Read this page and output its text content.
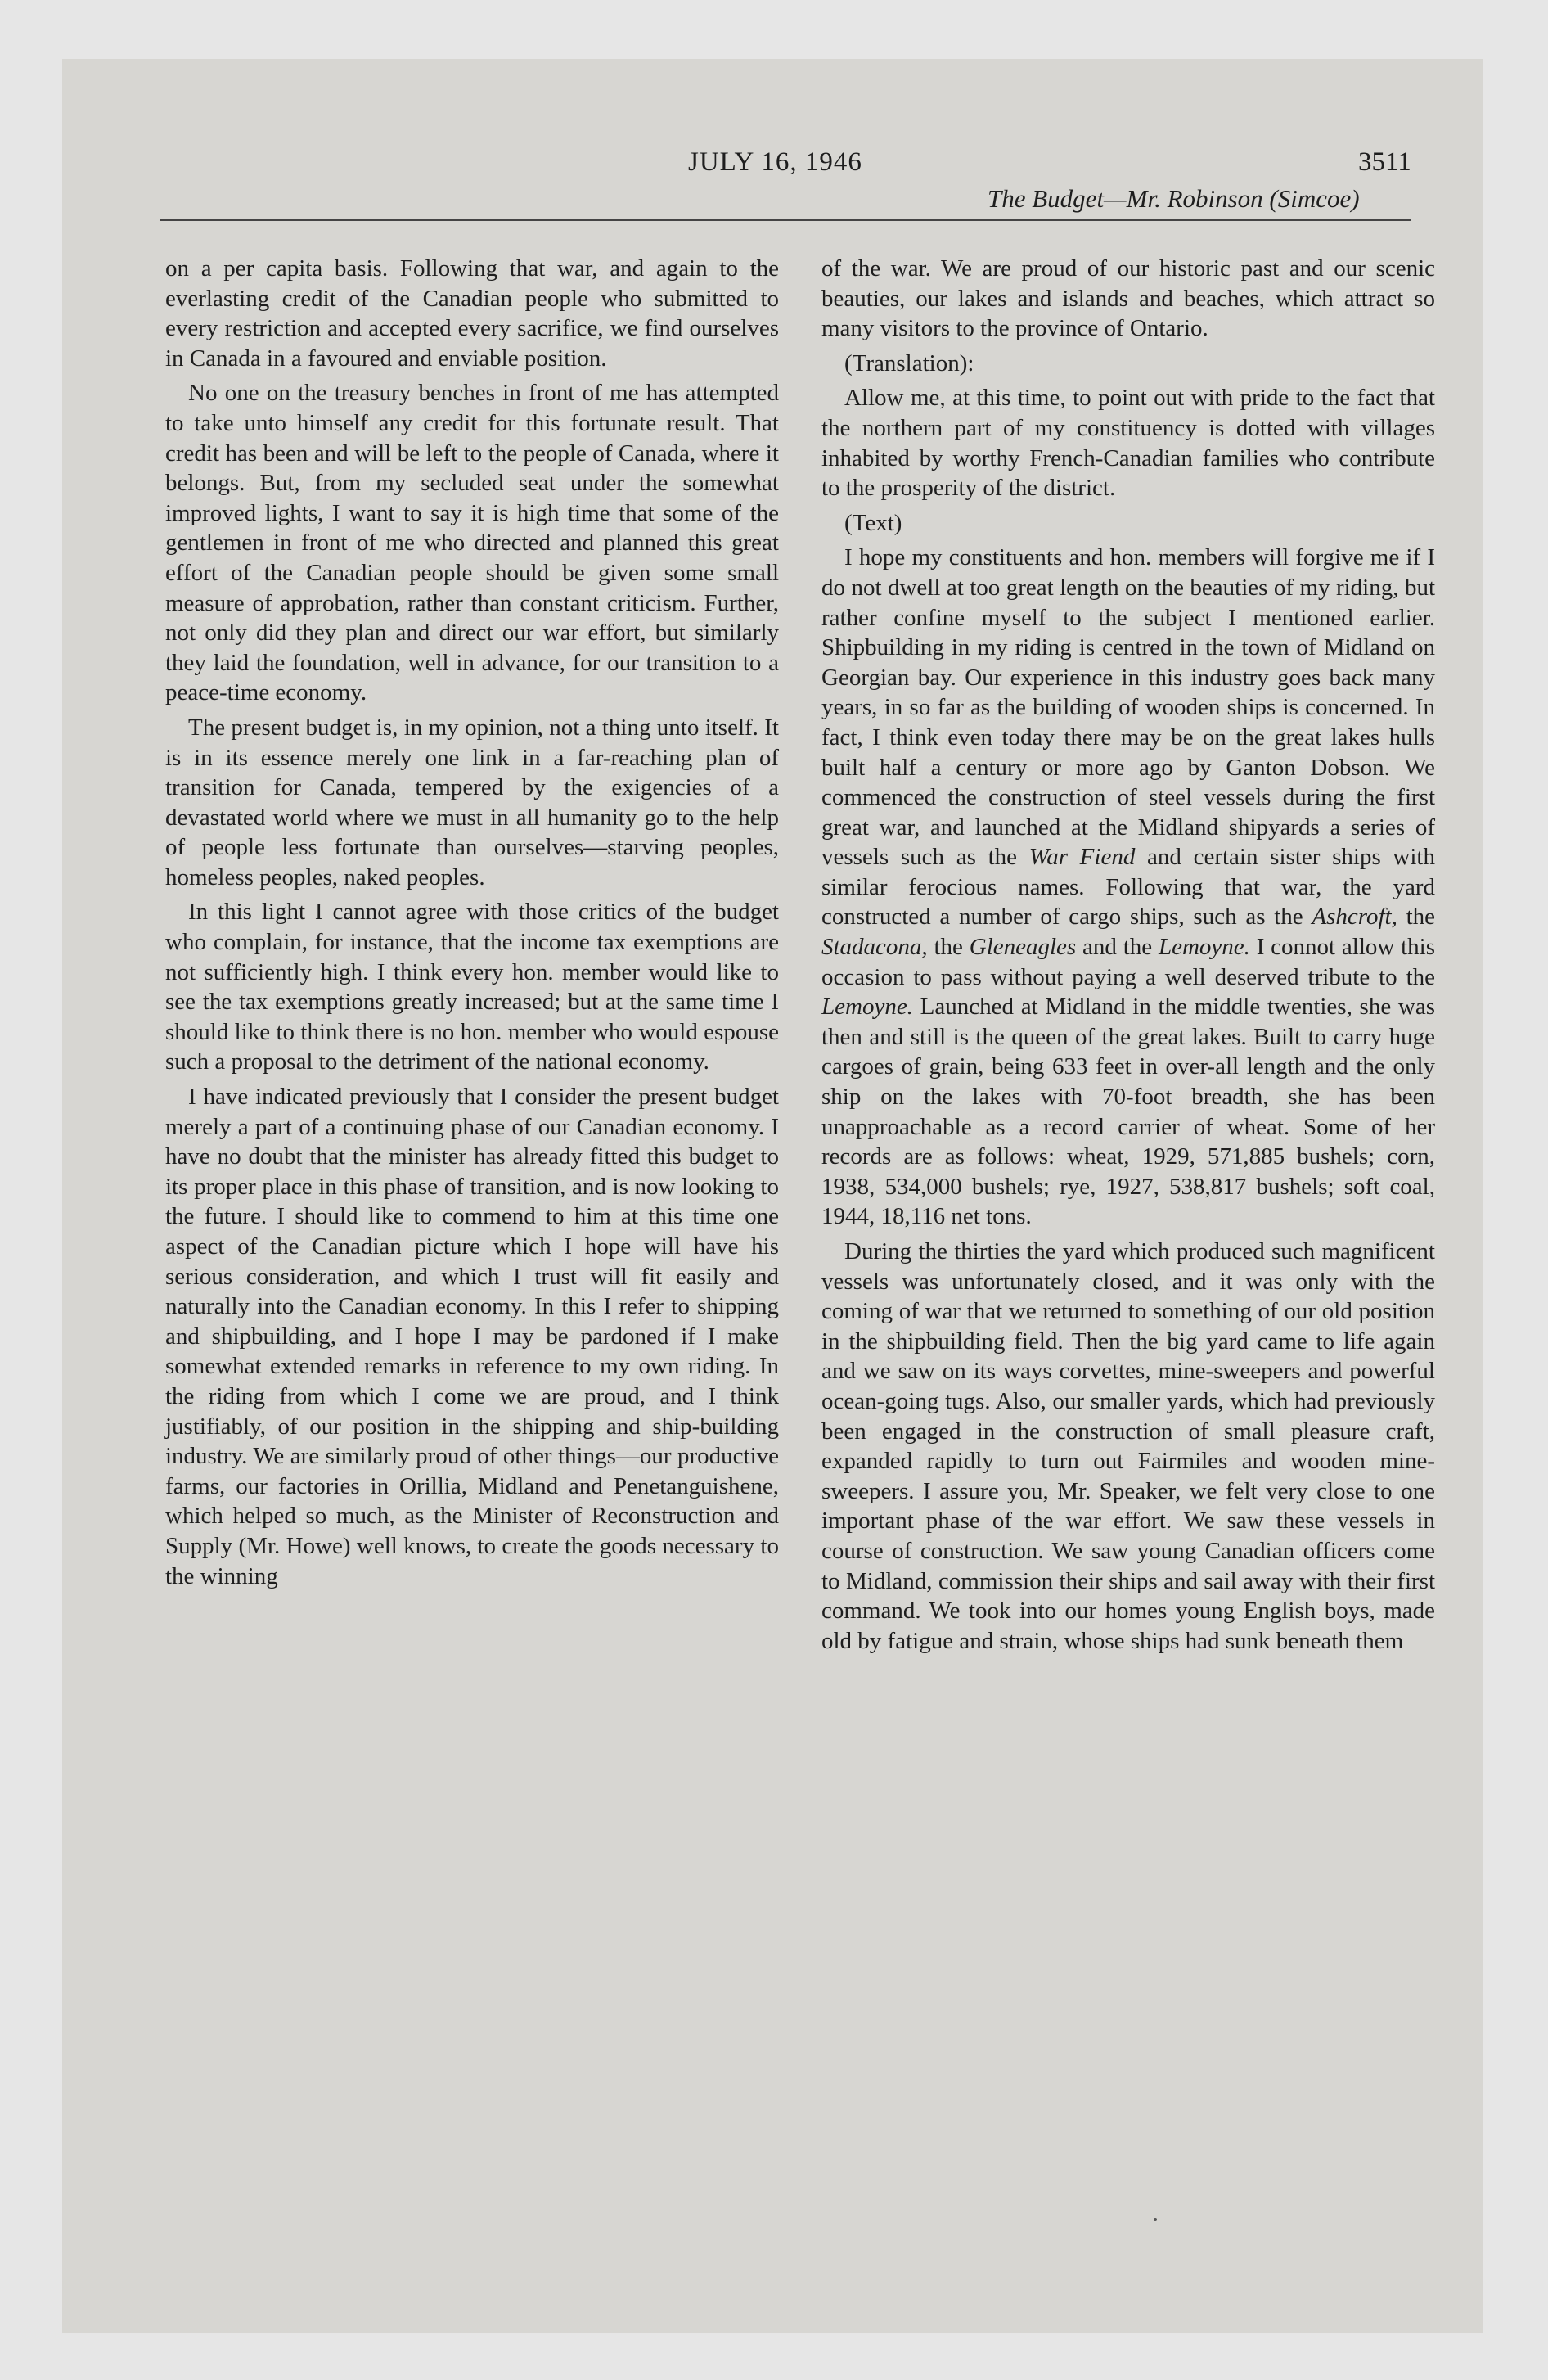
JULY 16, 1946	3511
The Budget—Mr. Robinson (Simcoe)

on a per capita basis. Following that war, and again to the everlasting credit of the Canadian people who submitted to every restriction and accepted every sacrifice, we find ourselves in Canada in a favoured and enviable position.

No one on the treasury benches in front of me has attempted to take unto himself any credit for this fortunate result. That credit has been and will be left to the people of Canada, where it belongs. But, from my secluded seat under the somewhat improved lights, I want to say it is high time that some of the gentlemen in front of me who directed and planned this great effort of the Canadian people should be given some small measure of approbation, rather than constant criticism. Further, not only did they plan and direct our war effort, but similarly they laid the foundation, well in advance, for our transition to a peace-time economy.

The present budget is, in my opinion, not a thing unto itself. It is in its essence merely one link in a far-reaching plan of transition for Canada, tempered by the exigencies of a devastated world where we must in all humanity go to the help of people less fortunate than ourselves—starving peoples, homeless peoples, naked peoples.

In this light I cannot agree with those critics of the budget who complain, for instance, that the income tax exemptions are not sufficiently high. I think every hon. member would like to see the tax exemptions greatly increased; but at the same time I should like to think there is no hon. member who would espouse such a proposal to the detriment of the national economy.

I have indicated previously that I consider the present budget merely a part of a continuing phase of our Canadian economy. I have no doubt that the minister has already fitted this budget to its proper place in this phase of transition, and is now looking to the future. I should like to commend to him at this time one aspect of the Canadian picture which I hope will have his serious consideration, and which I trust will fit easily and naturally into the Canadian economy. In this I refer to shipping and shipbuilding, and I hope I may be pardoned if I make somewhat extended remarks in reference to my own riding. In the riding from which I come we are proud, and I think justifiably, of our position in the shipping and ship-building industry. We are similarly proud of other things—our productive farms, our factories in Orillia, Midland and Penetanguishene, which helped so much, as the Minister of Reconstruction and Supply (Mr. Howe) well knows, to create the goods necessary to the winning

of the war. We are proud of our historic past and our scenic beauties, our lakes and islands and beaches, which attract so many visitors to the province of Ontario.

(Translation):

Allow me, at this time, to point out with pride to the fact that the northern part of my constituency is dotted with villages inhabited by worthy French-Canadian families who contribute to the prosperity of the district.

(Text)

I hope my constituents and hon. members will forgive me if I do not dwell at too great length on the beauties of my riding, but rather confine myself to the subject I mentioned earlier. Shipbuilding in my riding is centred in the town of Midland on Georgian bay. Our experience in this industry goes back many years, in so far as the building of wooden ships is concerned. In fact, I think even today there may be on the great lakes hulls built half a century or more ago by Ganton Dobson. We commenced the construction of steel vessels during the first great war, and launched at the Midland shipyards a series of vessels such as the War Fiend and certain sister ships with similar ferocious names. Following that war, the yard constructed a number of cargo ships, such as the Ashcroft, the Stadacona, the Gleneagles and the Lemoyne. I connot allow this occasion to pass without paying a well deserved tribute to the Lemoyne. Launched at Midland in the middle twenties, she was then and still is the queen of the great lakes. Built to carry huge cargoes of grain, being 633 feet in over-all length and the only ship on the lakes with 70-foot breadth, she has been unapproachable as a record carrier of wheat. Some of her records are as follows: wheat, 1929, 571,885 bushels; corn, 1938, 534,000 bushels; rye, 1927, 538,817 bushels; soft coal, 1944, 18,116 net tons.

During the thirties the yard which produced such magnificent vessels was unfortunately closed, and it was only with the coming of war that we returned to something of our old position in the shipbuilding field. Then the big yard came to life again and we saw on its ways corvettes, mine-sweepers and powerful ocean-going tugs. Also, our smaller yards, which had previously been engaged in the construction of small pleasure craft, expanded rapidly to turn out Fairmiles and wooden mine-sweepers. I assure you, Mr. Speaker, we felt very close to one important phase of the war effort. We saw these vessels in course of construction. We saw young Canadian officers come to Midland, commission their ships and sail away with their first command. We took into our homes young English boys, made old by fatigue and strain, whose ships had sunk beneath them
